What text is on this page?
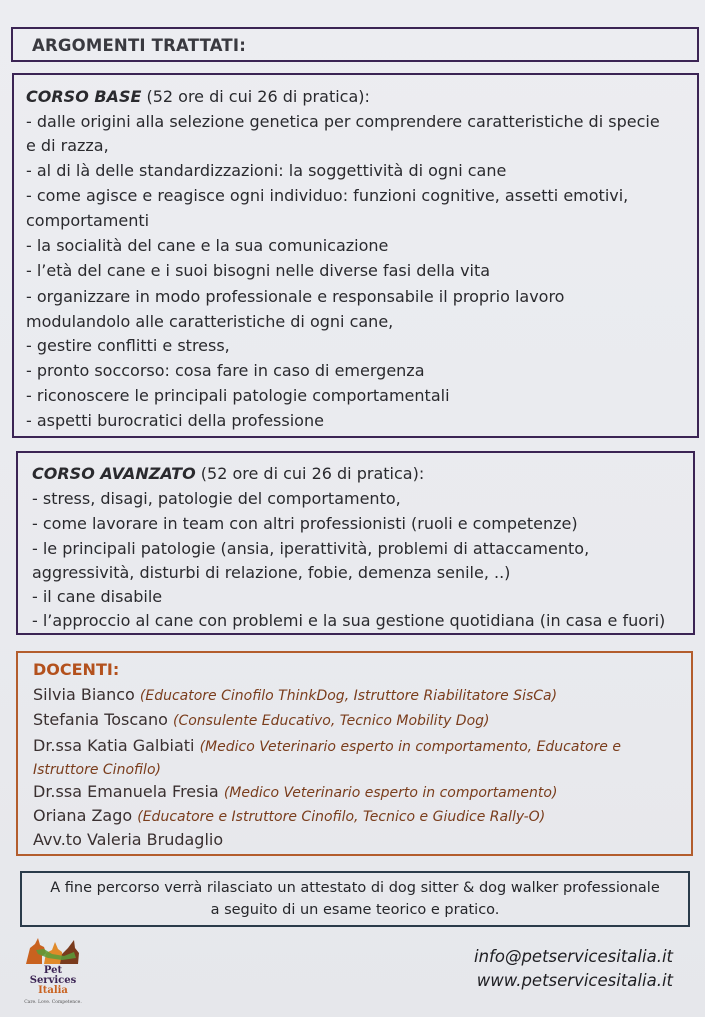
ARGOMENTI TRATTATI:
CORSO BASE (52 ore di cui 26 di pratica):
- dalle origini alla selezione genetica per comprendere caratteristiche di specie
e di razza,
- al di là delle standardizzazioni: la soggettività di ogni cane
- come agisce e reagisce ogni individuo: funzioni cognitive, assetti emotivi,
comportamenti
- la socialità del cane e la sua comunicazione
- l’età del cane e i suoi bisogni nelle diverse fasi della vita
- organizzare in modo professionale e responsabile il proprio lavoro
modulandolo alle caratteristiche di ogni cane,
- gestire conflitti e stress,
- pronto soccorso: cosa fare in caso di emergenza
- riconoscere le principali patologie comportamentali
- aspetti burocratici della professione
CORSO AVANZATO (52 ore di cui 26 di pratica):
- stress, disagi, patologie del comportamento,
- come lavorare in team con altri professionisti (ruoli e competenze)
- le principali patologie (ansia, iperattività, problemi di attaccamento,
aggressività, disturbi di relazione, fobie, demenza senile, ..)
- il cane disabile
- l’approccio al cane con problemi e la sua gestione quotidiana (in casa e fuori)
DOCENTI:
Silvia Bianco (Educatore Cinofilo ThinkDog, Istruttore Riabilitatore SisCa)
Stefania Toscano (Consulente Educativo, Tecnico Mobility Dog)
Dr.ssa Katia Galbiati (Medico Veterinario esperto in comportamento, Educatore e
Istruttore Cinofilo)
Dr.ssa Emanuela Fresia (Medico Veterinario esperto in comportamento)
Oriana Zago (Educatore e Istruttore Cinofilo, Tecnico e Giudice Rally-O)
Avv.to Valeria Brudaglio
A fine percorso verrà rilasciato un attestato di dog sitter & dog walker professionale
a seguito di un esame teorico e pratico.
Pet
Services
Italia
Care. Love. Competence.
info@petservicesitalia.it
www.petservicesitalia.it
